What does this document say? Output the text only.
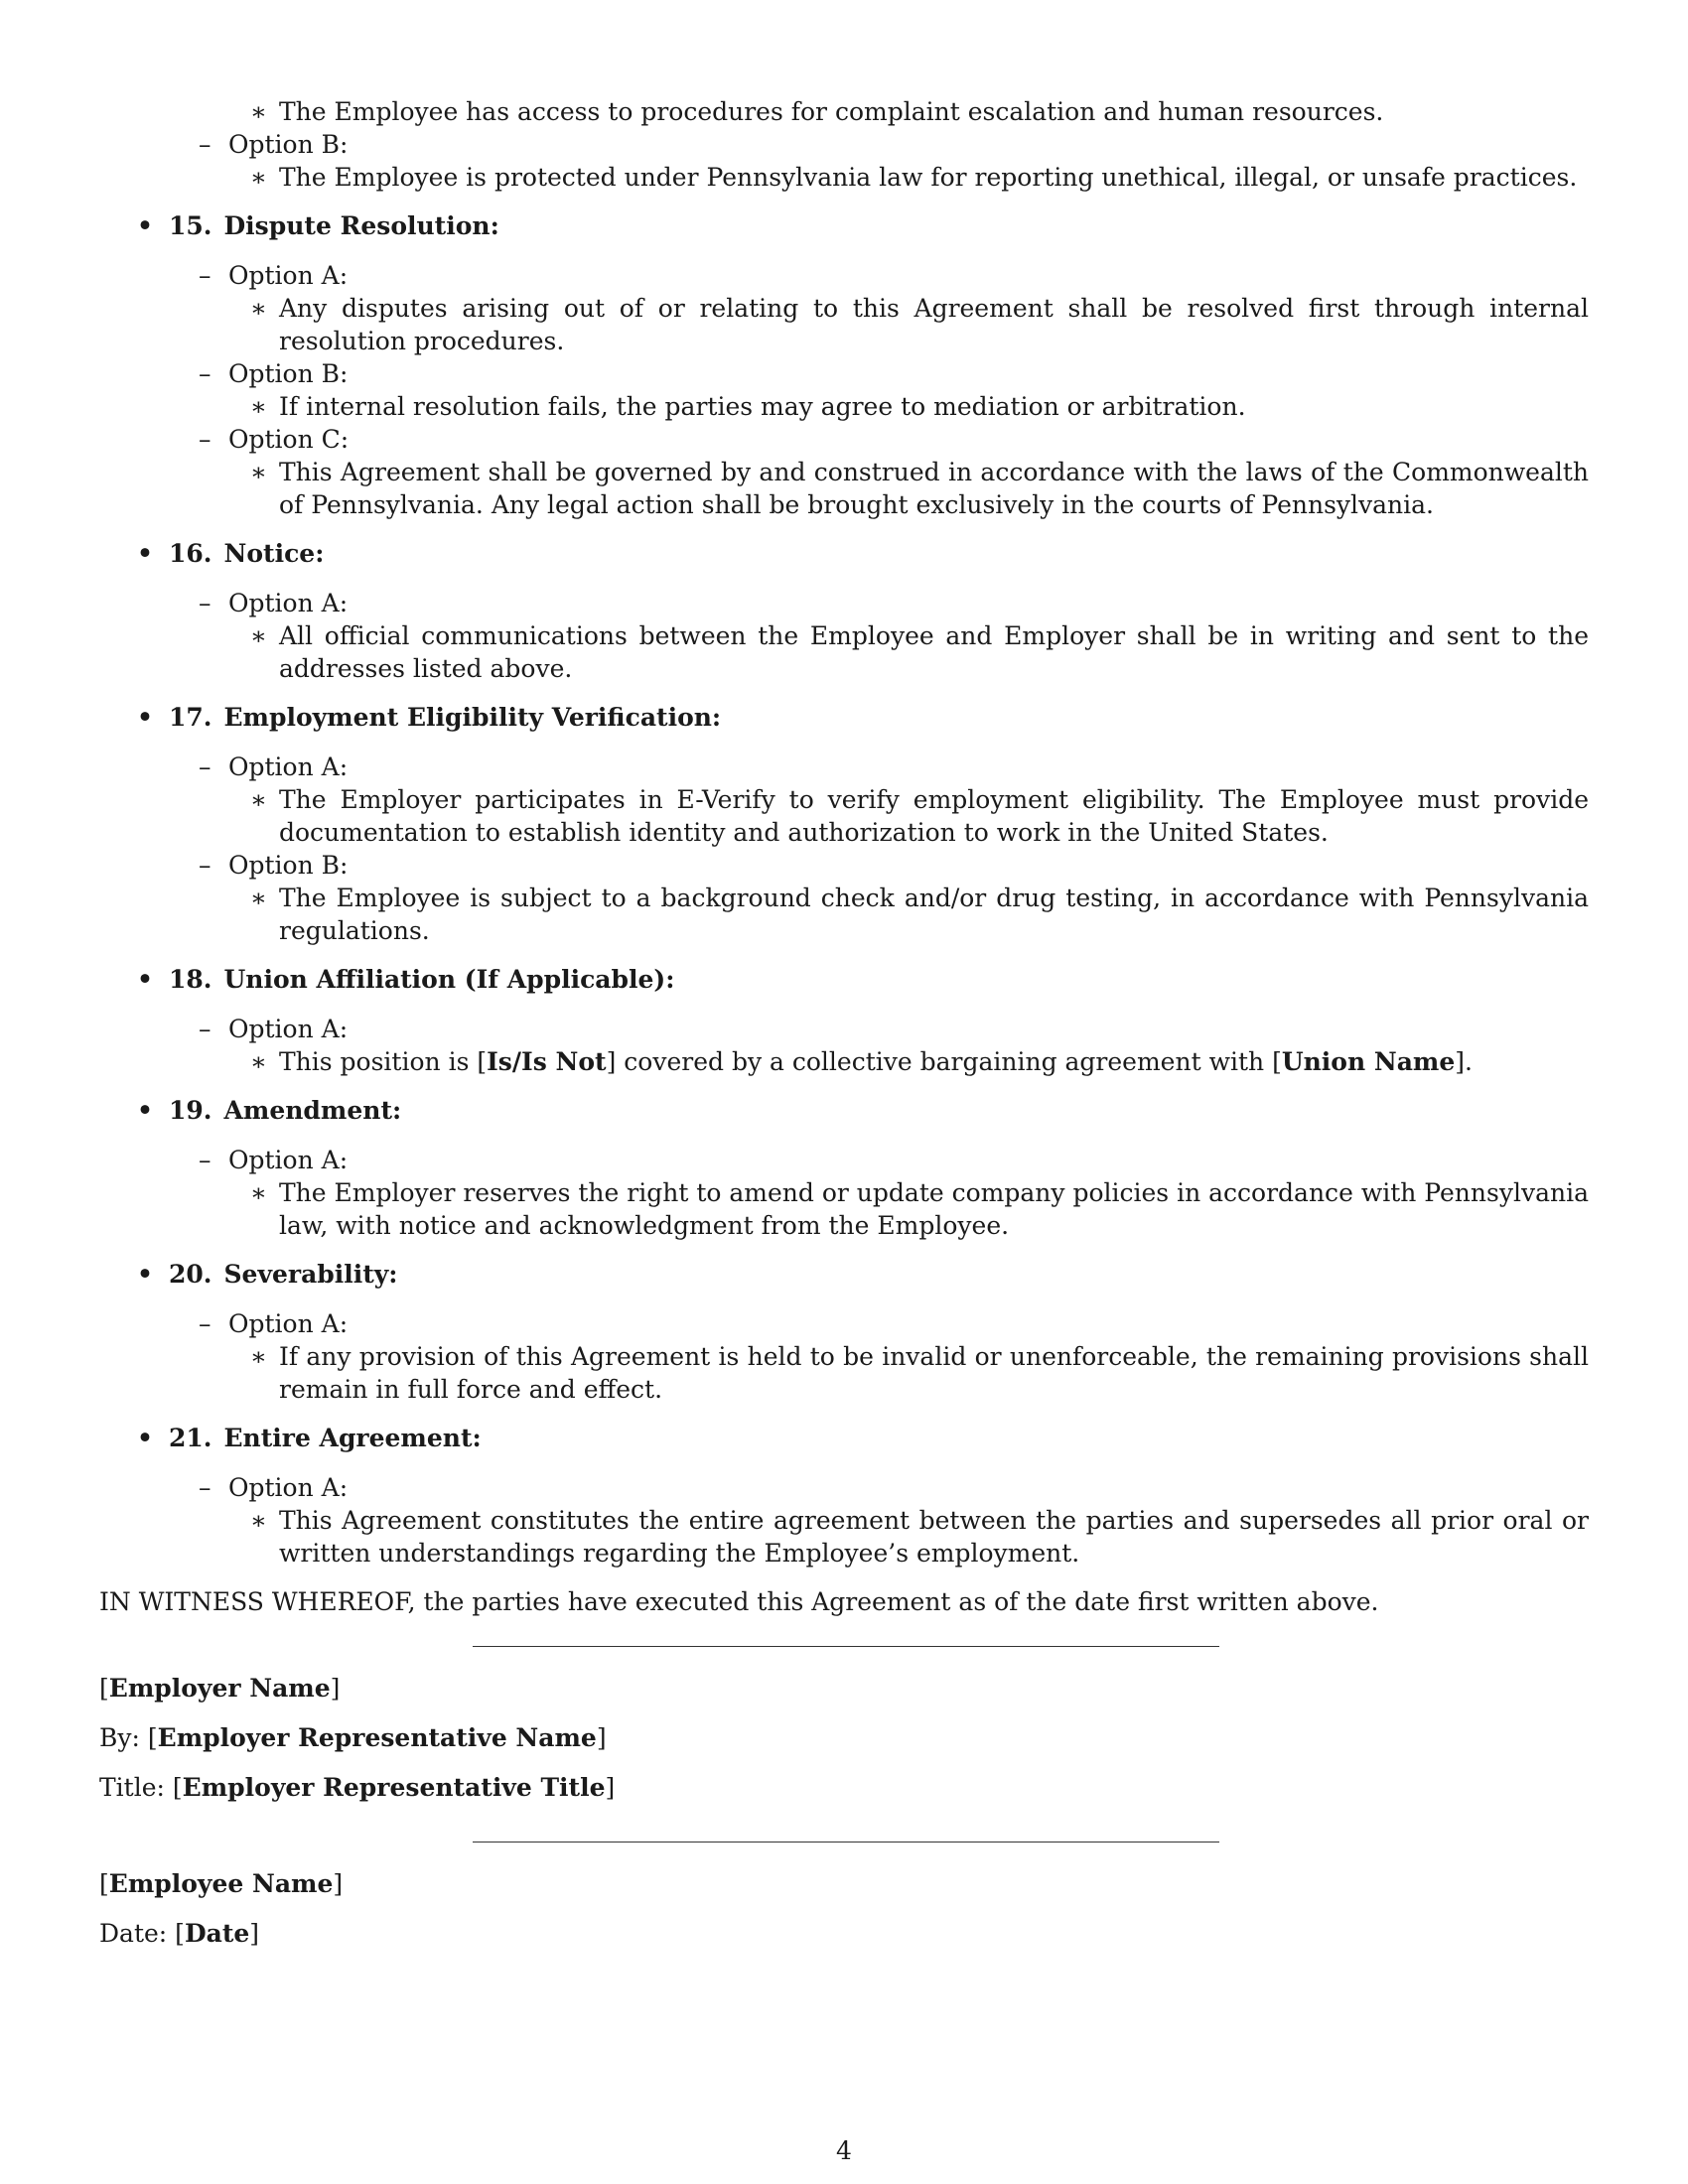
∗ The Employee has access to procedures for complaint escalation and human resources.
– Option B:
∗ The Employee is protected under Pennsylvania law for reporting unethical, illegal, or unsafe practices.
• 15. Dispute Resolution:
– Option A:
∗ Any disputes arising out of or relating to this Agreement shall be resolved first through internal resolution procedures.
– Option B:
∗ If internal resolution fails, the parties may agree to mediation or arbitration.
– Option C:
∗ This Agreement shall be governed by and construed in accordance with the laws of the Commonwealth of Pennsylvania. Any legal action shall be brought exclusively in the courts of Pennsylvania.
• 16. Notice:
– Option A:
∗ All official communications between the Employee and Employer shall be in writing and sent to the addresses listed above.
• 17. Employment Eligibility Verification:
– Option A:
∗ The Employer participates in E-Verify to verify employment eligibility. The Employee must provide documentation to establish identity and authorization to work in the United States.
– Option B:
∗ The Employee is subject to a background check and/or drug testing, in accordance with Pennsylvania regulations.
• 18. Union Affiliation (If Applicable):
– Option A:
∗ This position is [Is/Is Not] covered by a collective bargaining agreement with [Union Name].
• 19. Amendment:
– Option A:
∗ The Employer reserves the right to amend or update company policies in accordance with Pennsylvania law, with notice and acknowledgment from the Employee.
• 20. Severability:
– Option A:
∗ If any provision of this Agreement is held to be invalid or unenforceable, the remaining provisions shall remain in full force and effect.
• 21. Entire Agreement:
– Option A:
∗ This Agreement constitutes the entire agreement between the parties and supersedes all prior oral or written understandings regarding the Employee’s employment.
IN WITNESS WHEREOF, the parties have executed this Agreement as of the date first written above.

[Employer Name]

By: [Employer Representative Name]

Title: [Employer Representative Title]

[Employee Name]

Date: [Date]

4
